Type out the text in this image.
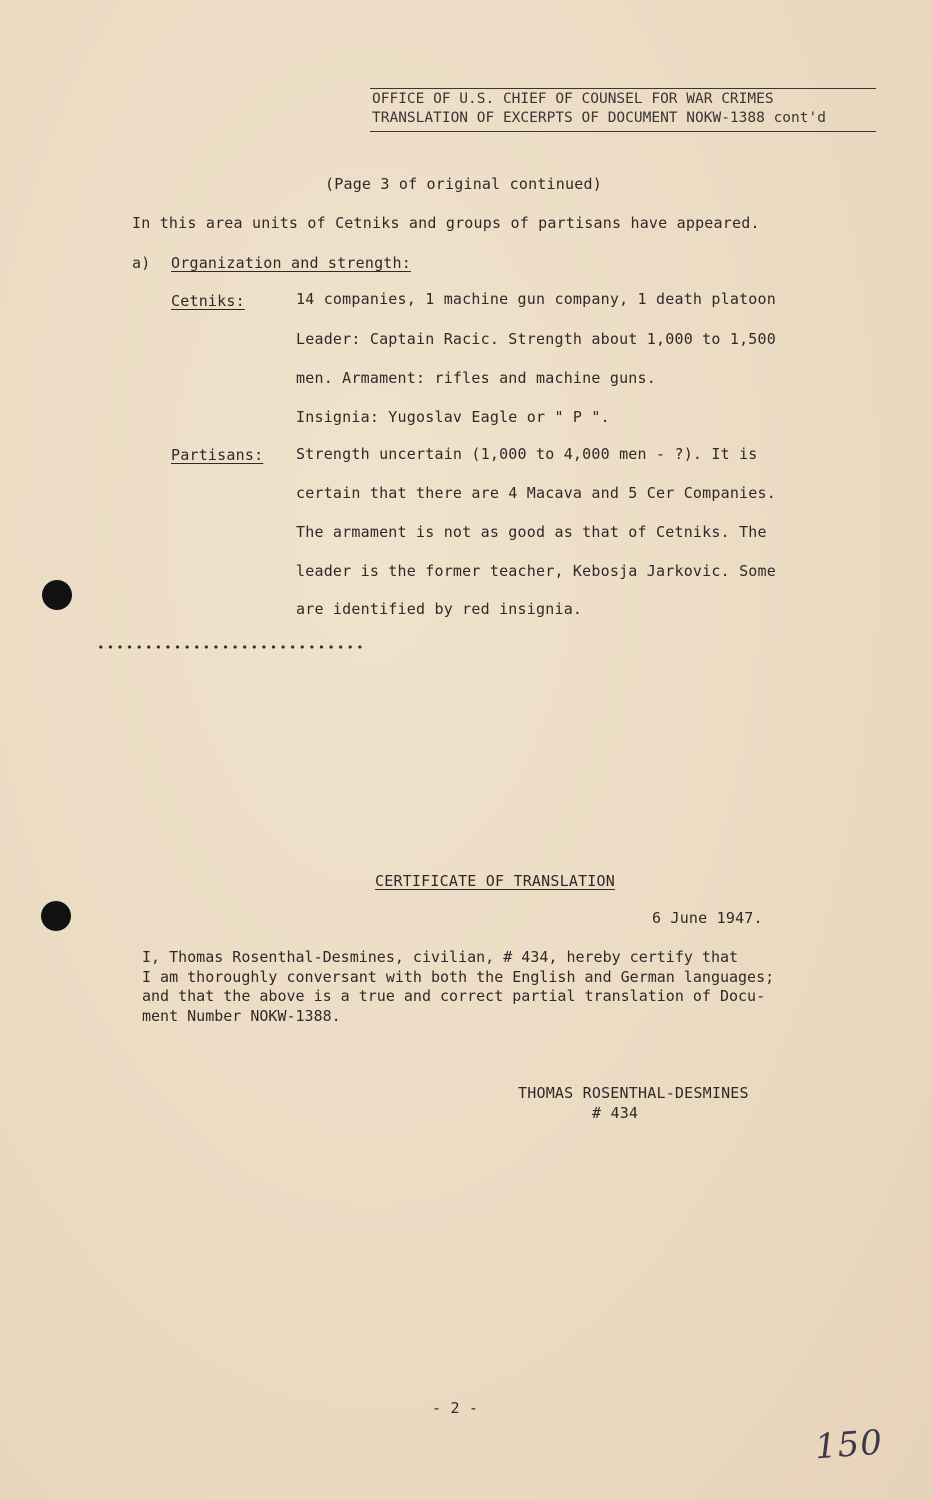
OFFICE OF U.S. CHIEF OF COUNSEL FOR WAR CRIMES
TRANSLATION OF EXCERPTS OF DOCUMENT NOKW-1388 cont'd
(Page 3 of original continued)
In this area units of Cetniks and groups of partisans have appeared.
a) Organization and strength:
Cetniks:	14 companies, 1 machine gun company, 1 death platoon
Leader: Captain Racic. Strength about 1,000 to 1,500
men. Armament: rifles and machine guns.
Insignia: Yugoslav Eagle or " P ".
Partisans: Strength uncertain (1,000 to 4,000 men - ?). It is
certain that there are 4 Macava and 5 Cer Companies.
The armament is not as good as that of Cetniks. The
leader is the former teacher, Kebosja Jarkovic. Some
are identified by red insignia.
CERTIFICATE OF TRANSLATION
6 June 1947.
I, Thomas Rosenthal-Desmines, civilian, # 434, hereby certify that
I am thoroughly conversant with both the English and German languages;
and that the above is a true and correct partial translation of Docu-
ment Number NOKW-1388.
THOMAS ROSENTHAL-DESMINES
# 434
- 2 -
150
